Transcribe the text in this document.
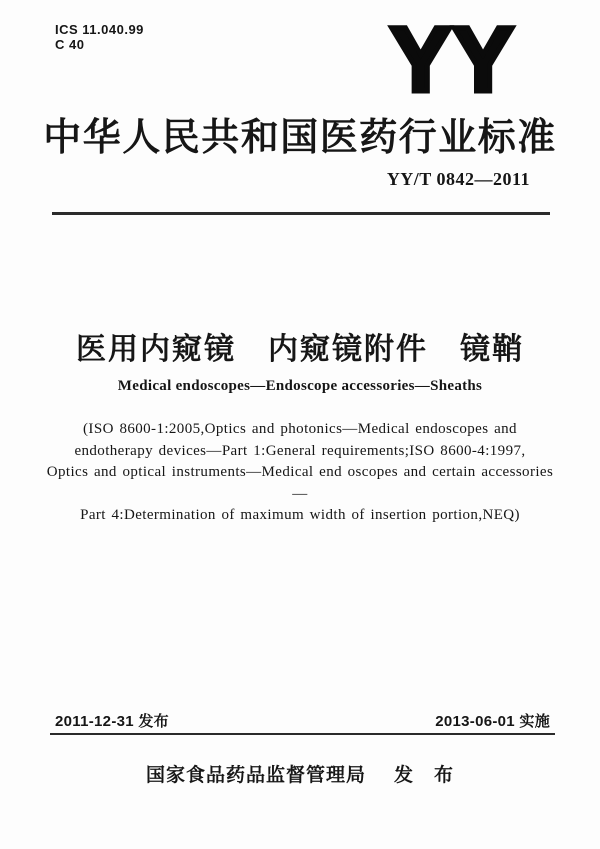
ICS 11.040.99
C 40	YY
中华人民共和国医药行业标准
YY/T 0842—2011
医用内窥镜　内窥镜附件　镜鞘
Medical endoscopes—Endoscope accessories—Sheaths
(ISO 8600-1:2005,Optics and photonics—Medical endoscopes and
endotherapy devices—Part 1:General requirements;ISO 8600-4:1997,
Optics and optical instruments—Medical end oscopes and certain accessories—
Part 4:Determination of maximum width of insertion portion,NEQ)
2011-12-31 发布	2013-06-01 实施
国家食品药品监督管理局 发　布
